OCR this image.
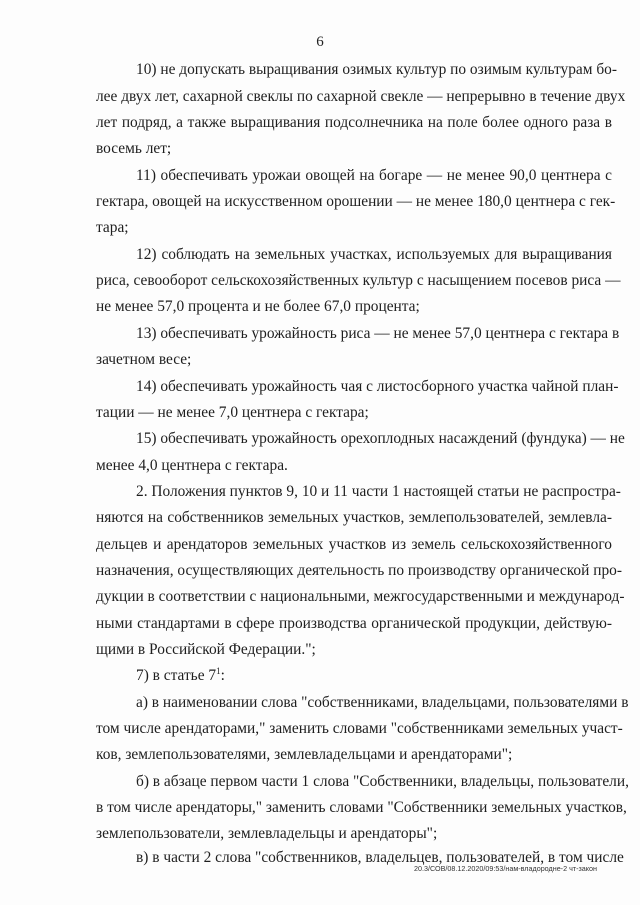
6
10) не допускать выращивания озимых культур по озимым культурам бо-
лее двух лет, сахарной свеклы по сахарной свекле — непрерывно в течение двух
лет подряд, а также выращивания подсолнечника на поле более одного раза в
восемь лет;
11) обеспечивать урожаи овощей на богаре — не менее 90,0 центнера с
гектара, овощей на искусственном орошении — не менее 180,0 центнера с гек-
тара;
12) соблюдать на земельных участках, используемых для выращивания
риса, севооборот сельскохозяйственных культур с насыщением посевов риса —
не менее 57,0 процента и не более 67,0 процента;
13) обеспечивать урожайность риса — не менее 57,0 центнера с гектара в
зачетном весе;
14) обеспечивать урожайность чая с листосборного участка чайной план-
тации — не менее 7,0 центнера с гектара;
15) обеспечивать урожайность орехоплодных насаждений (фундука) — не
менее 4,0 центнера с гектара.
2. Положения пунктов 9, 10 и 11 части 1 настоящей статьи не распростра-
няются на собственников земельных участков, землепользователей, землевла-
дельцев и арендаторов земельных участков из земель сельскохозяйственного
назначения, осуществляющих деятельность по производству органической про-
дукции в соответствии с национальными, межгосударственными и международ-
ными стандартами в сфере производства органической продукции, действую-
щими в Российской Федерации.";
7) в статье $7^1$:
а) в наименовании слова "собственниками, владельцами, пользователями в
том числе арендаторами," заменить словами "собственниками земельных участ-
ков, землепользователями, землевладельцами и арендаторами";
б) в абзаце первом части 1 слова "Собственники, владельцы, пользователи,
в том числе арендаторы," заменить словами "Собственники земельных участков,
землепользователи, землевладельцы и арендаторы";
в) в части 2 слова "собственников, владельцев, пользователей, в том числе
20.3/СОВ/08.12.2020/09:53/нам-владородне-2 чт-закон
